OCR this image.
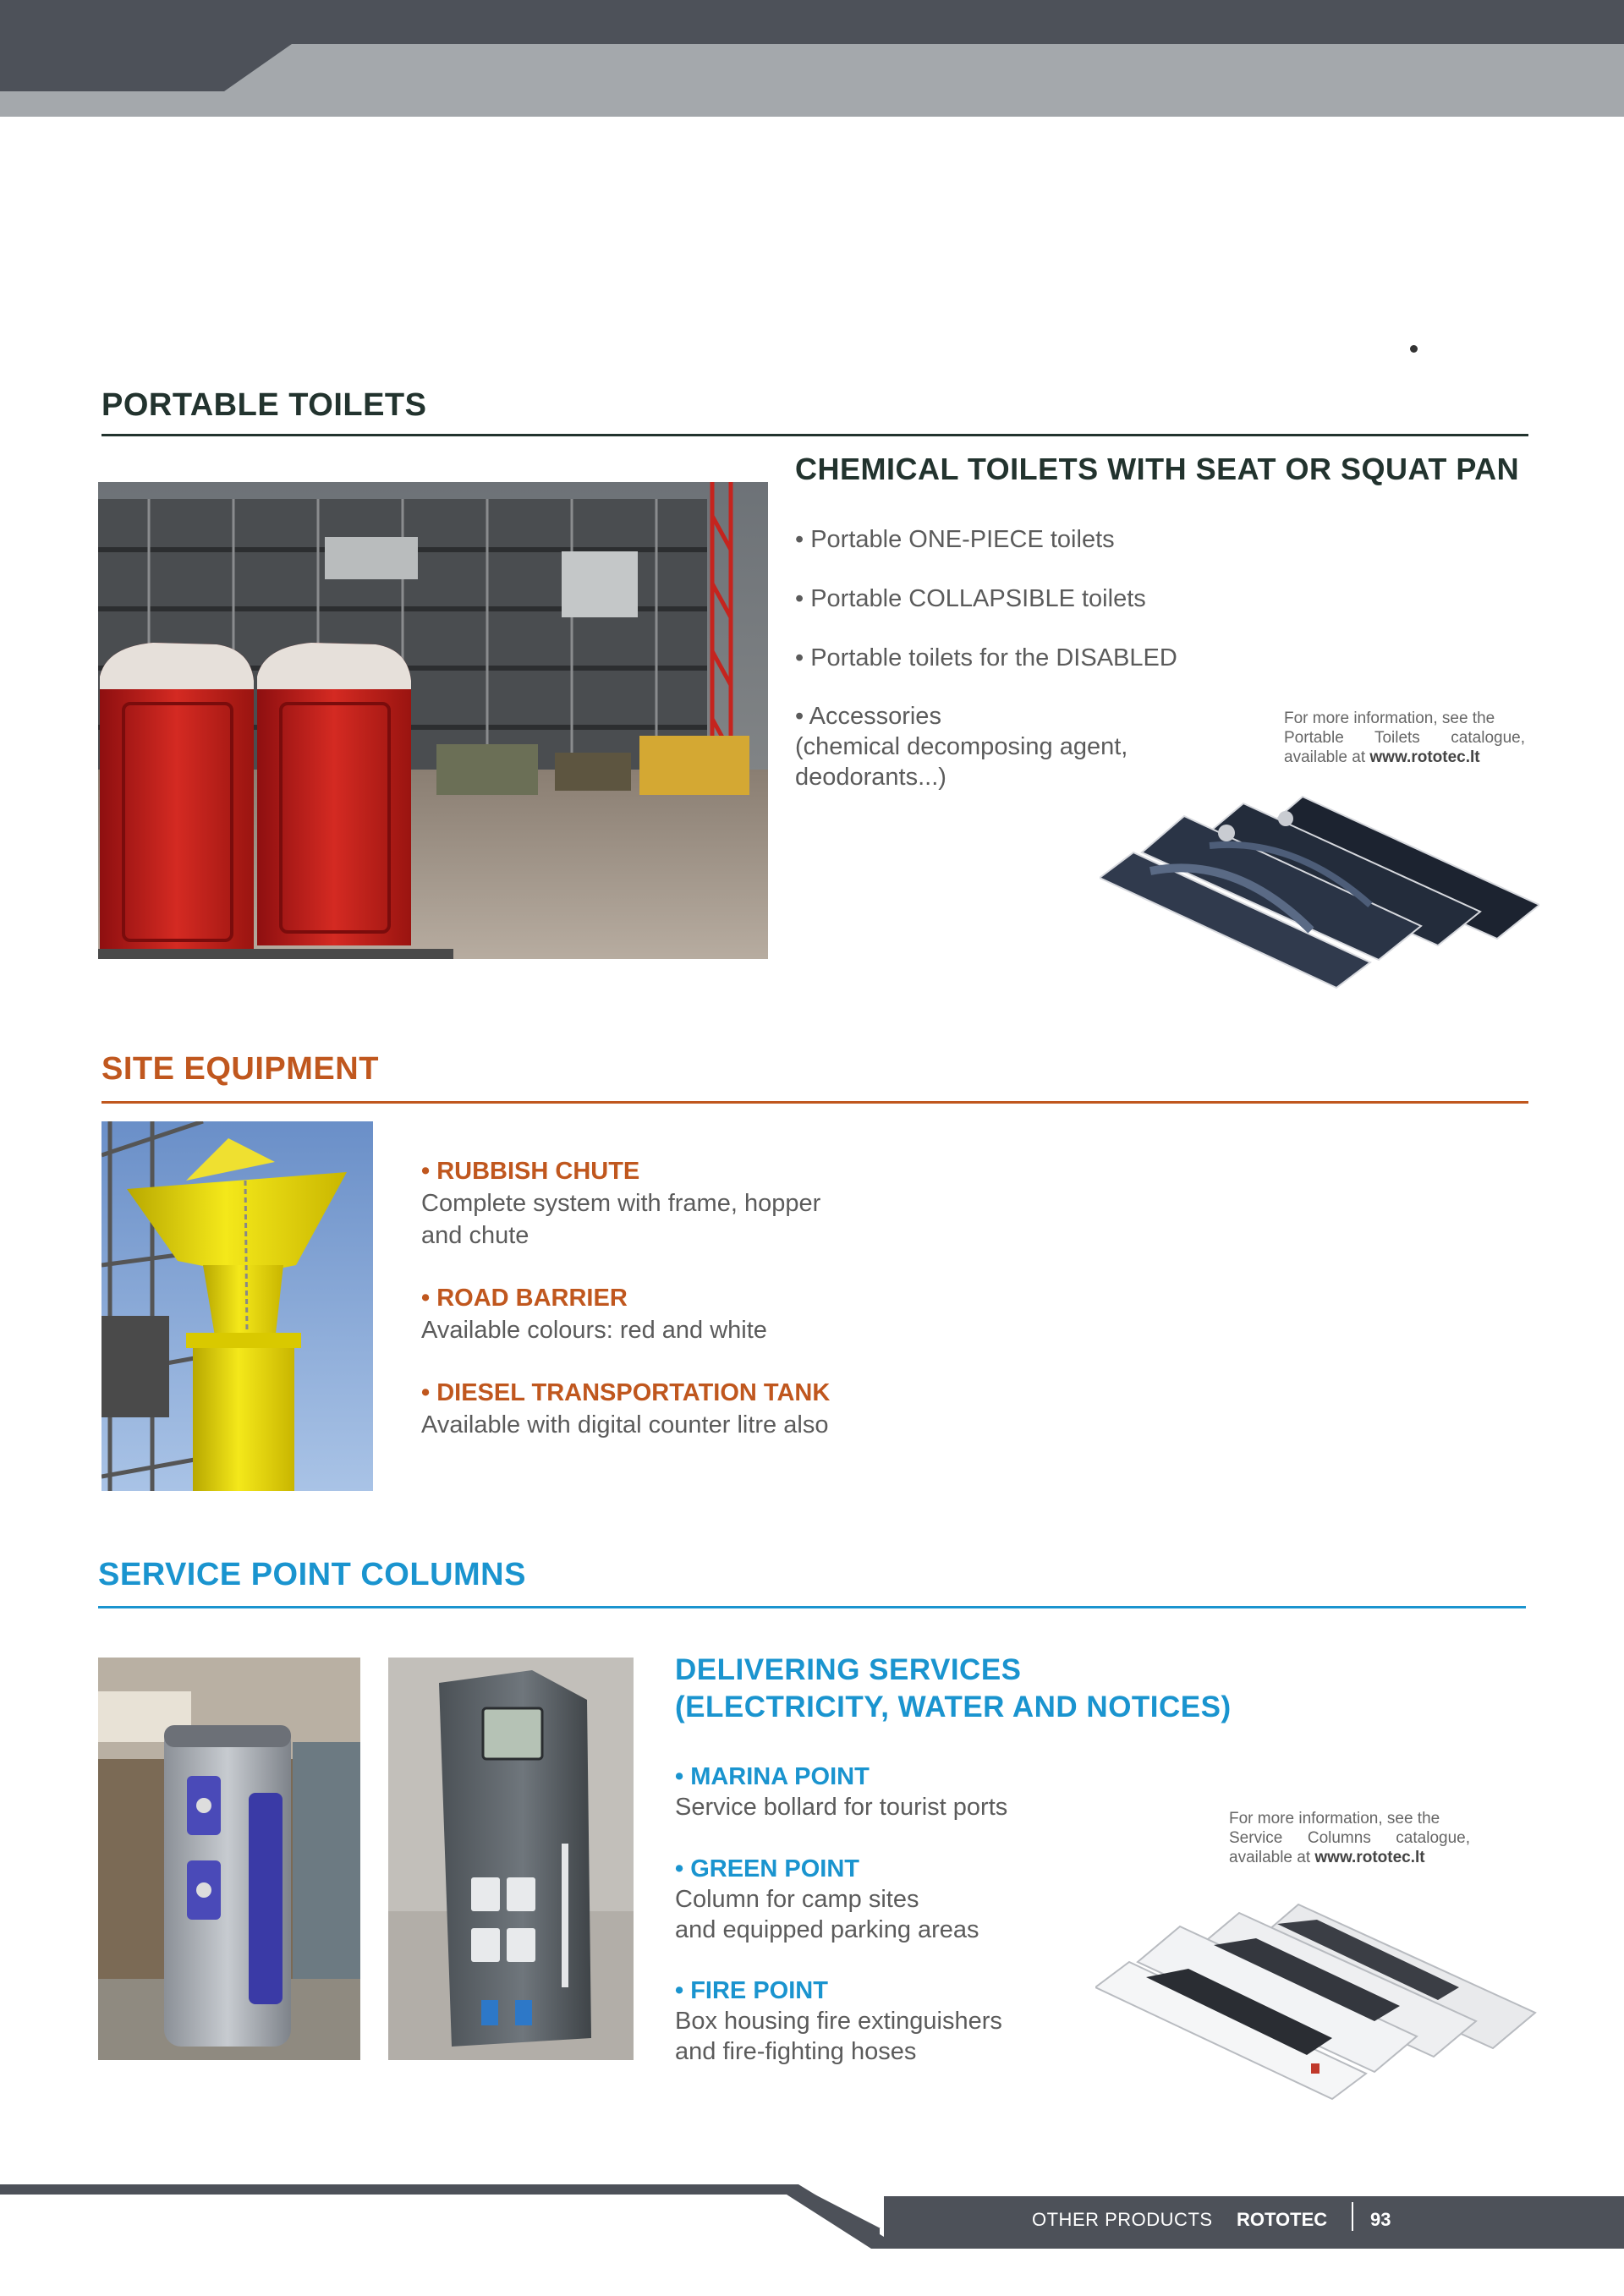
PORTABLE TOILETS
CHEMICAL TOILETS WITH SEAT OR SQUAT PAN

• Portable ONE-PIECE toilets

• Portable COLLAPSIBLE toilets

• Portable toilets for the DISABLED

• Accessories
(chemical decomposing agent,
deodorants...)
For more information, see the
Portable Toilets catalogue,
available at www.rototec.lt
SITE EQUIPMENT
• RUBBISH CHUTE
Complete system with frame, hopper
and chute
• ROAD BARRIER
Available colours: red and white
• DIESEL TRANSPORTATION TANK
Available with digital counter litre also
SERVICE POINT COLUMNS
DELIVERING SERVICES
(ELECTRICITY, WATER AND NOTICES)
• MARINA POINT
Service bollard for tourist ports
• GREEN POINT
Column for camp sites
and equipped parking areas
• FIRE POINT
Box housing fire extinguishers
and fire-fighting hoses
For more information, see the
Service Columns catalogue,
available at www.rototec.lt
OTHER PRODUCTS ROTOTEC 93
